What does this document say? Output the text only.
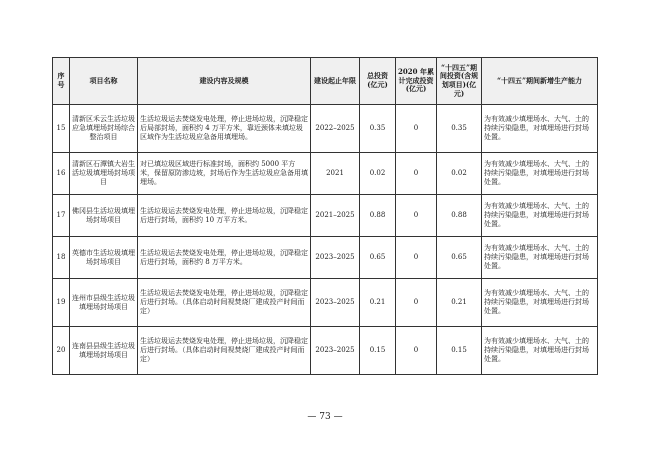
序号	项目名称	建设内容及规模	建设起止年限	总投资(亿元)	2020 年累计完成投资(亿元)	“十四五”期间投资(含规划项目)(亿元)	“十四五”期间新增生产能力
15	清新区禾云生活垃圾应急填埋场封场综合整治项目	生活垃圾运去焚烧发电处理，停止进场垃圾，沉降稳定后局部封场，面积约 4 万平方米，靠近颈体未填垃圾区域作为生活垃圾应急备用填埋场。	2022–2025	0.35	0	0.35	为有效减少填埋场水、大气、土的持续污染隐患，对填埋场进行封场处置。
16	清新区石潭镇大岩生活垃圾填埋场封场项目	对已填垃圾区域进行标准封场，面积约 5000 平方米，保留原防渗边坡，封场后作为生活垃圾应急备用填埋场。	2021	0.02	0	0.02	为有效减少填埋场水、大气、土的持续污染隐患，对填埋场进行封场处置。
17	佛冈县生活垃圾填埋场封场项目	生活垃圾运去焚烧发电处理，停止进场垃圾，沉降稳定后进行封场，面积约 10 万平方米。	2021–2025	0.88	0	0.88	为有效减少填埋场水、大气、土的持续污染隐患，对填埋场进行封场处置。
18	英德市生活垃圾填埋场封场项目	生活垃圾运去焚烧发电处理，停止进场垃圾，沉降稳定后进行封场，面积约 8 万平方米。	2023–2025	0.65	0	0.65	为有效减少填埋场水、大气、土的持续污染隐患，对填埋场进行封场处置。
19	连州市县级生活垃圾填埋场封场项目	生活垃圾运去焚烧发电处理，停止进场垃圾，沉降稳定后进行封场。（具体启动时间视焚烧厂建成投产时间而定）	2023–2025	0.21	0	0.21	为有效减少填埋场水、大气、土的持续污染隐患，对填埋场进行封场处置。
20	连南县县级生活垃圾填埋场封场项目	生活垃圾运去焚烧发电处理，停止进场垃圾，沉降稳定后进行封场。（具体启动时间视焚烧厂建成投产时间而定）	2023–2025	0.15	0	0.15	为有效减少填埋场水、大气、土的持续污染隐患，对填埋场进行封场处置。
— 73 —
